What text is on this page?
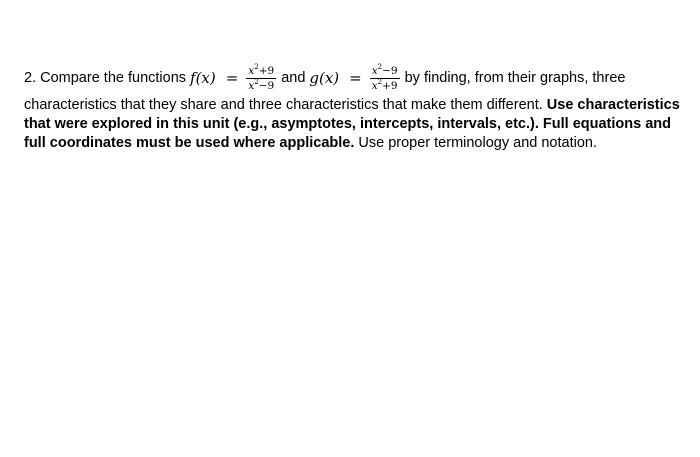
2.
Compare the functions $f(x) = \frac{x^2+9}{x^2-9}$ and $g(x) = \frac{x^2-9}{x^2+9}$ by finding, from their graphs, three
characteristics that they share and three characteristics that make them different. Use characteristics that were explored in this unit (e.g., asymptotes, intercepts, intervals, etc.). Full equations and full coordinates must be used where applicable. Use proper terminology and notation.
